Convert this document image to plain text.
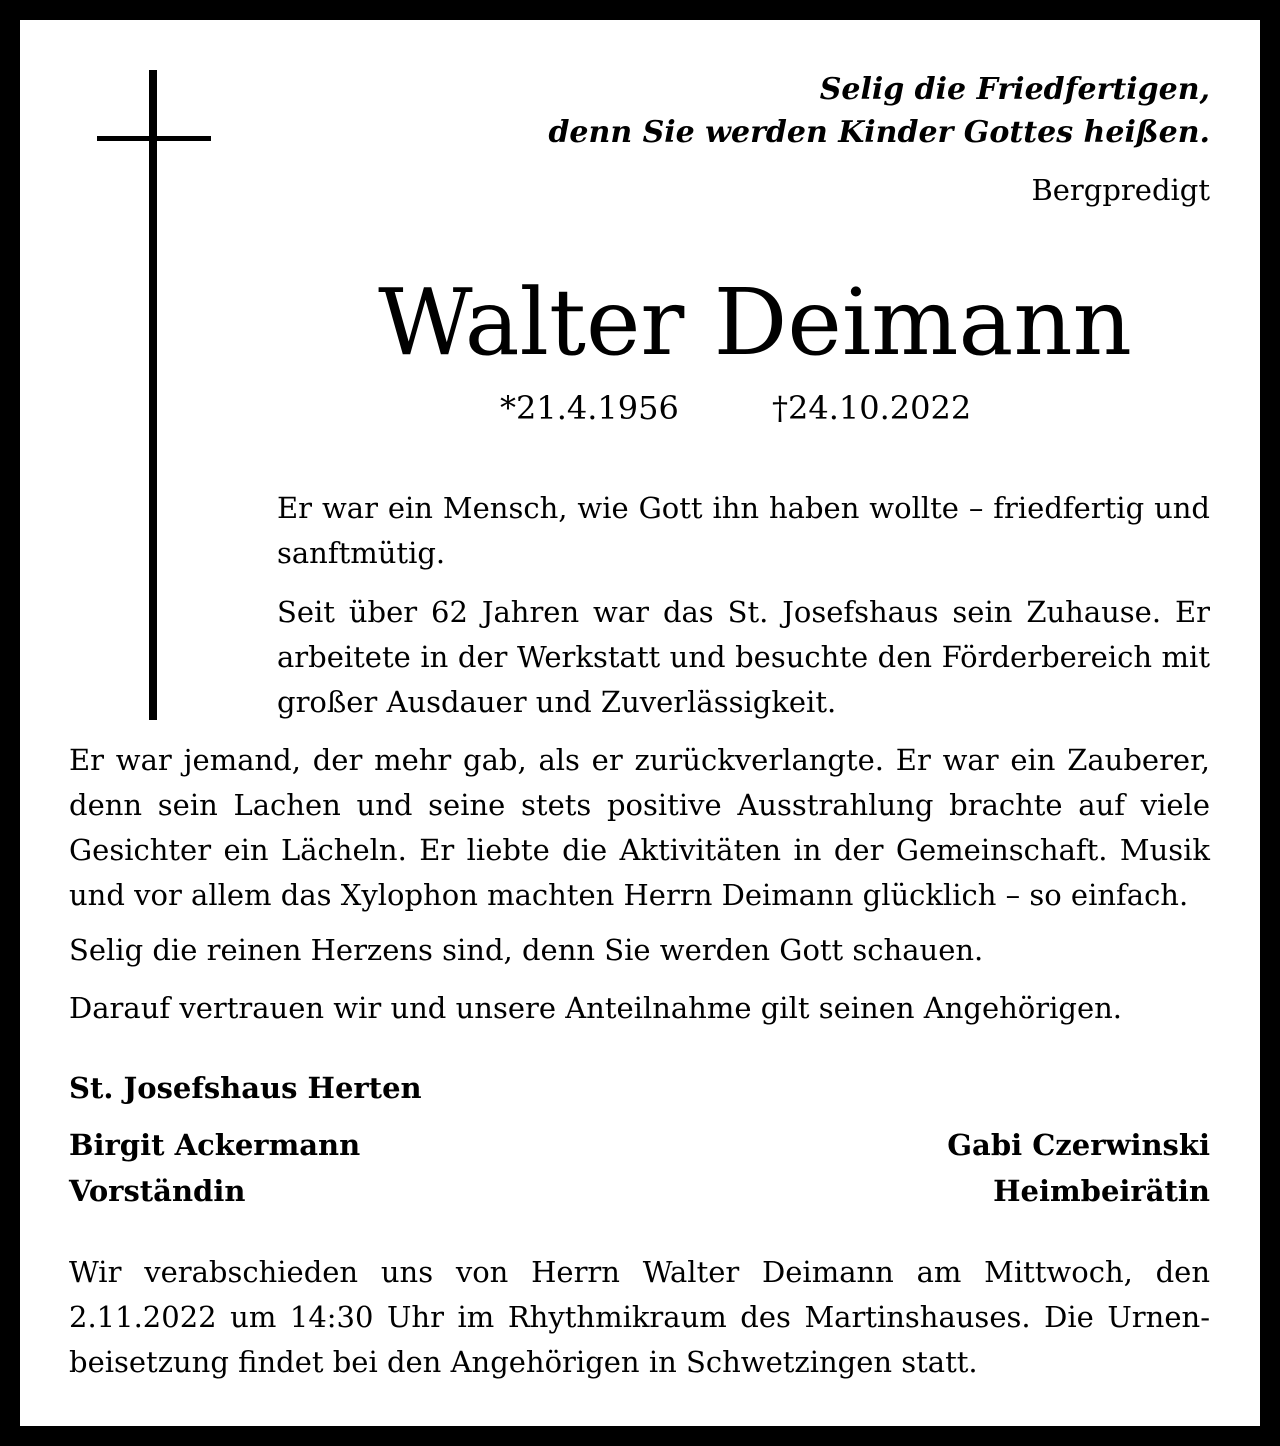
Selig die Friedfertigen,
denn Sie werden Kinder Gottes heißen.
Bergpredigt
Walter Deimann
*21.4.1956	†24.10.2022

Er war ein Mensch, wie Gott ihn haben wollte – friedfertig und sanftmütig.

Seit über 62 Jahren war das St. Josefshaus sein Zuhause. Er arbeitete in der Werkstatt und besuchte den Förderbereich mit großer Ausdauer und Zuverlässigkeit.

Er war jemand, der mehr gab, als er zurückverlangte. Er war ein Zauberer, denn sein Lachen und seine stets positive Ausstrahlung brachte auf viele Gesichter ein Lächeln. Er liebte die Aktivitäten in der Gemeinschaft. Musik und vor allem das Xylophon machten Herrn Deimann glücklich – so einfach.

Selig die reinen Herzens sind, denn Sie werden Gott schauen.

Darauf vertrauen wir und unsere Anteilnahme gilt seinen Angehörigen.

St. Josefshaus Herten
Birgit Ackermann
Vorständin
Gabi Czerwinski
Heimbeirätin

Wir verabschieden uns von Herrn Walter Deimann am Mittwoch, den 2.11.2022 um 14:30 Uhr im Rhythmikraum des Martinshauses. Die Urnenbeisetzung findet bei den Angehörigen in Schwetzingen statt.
